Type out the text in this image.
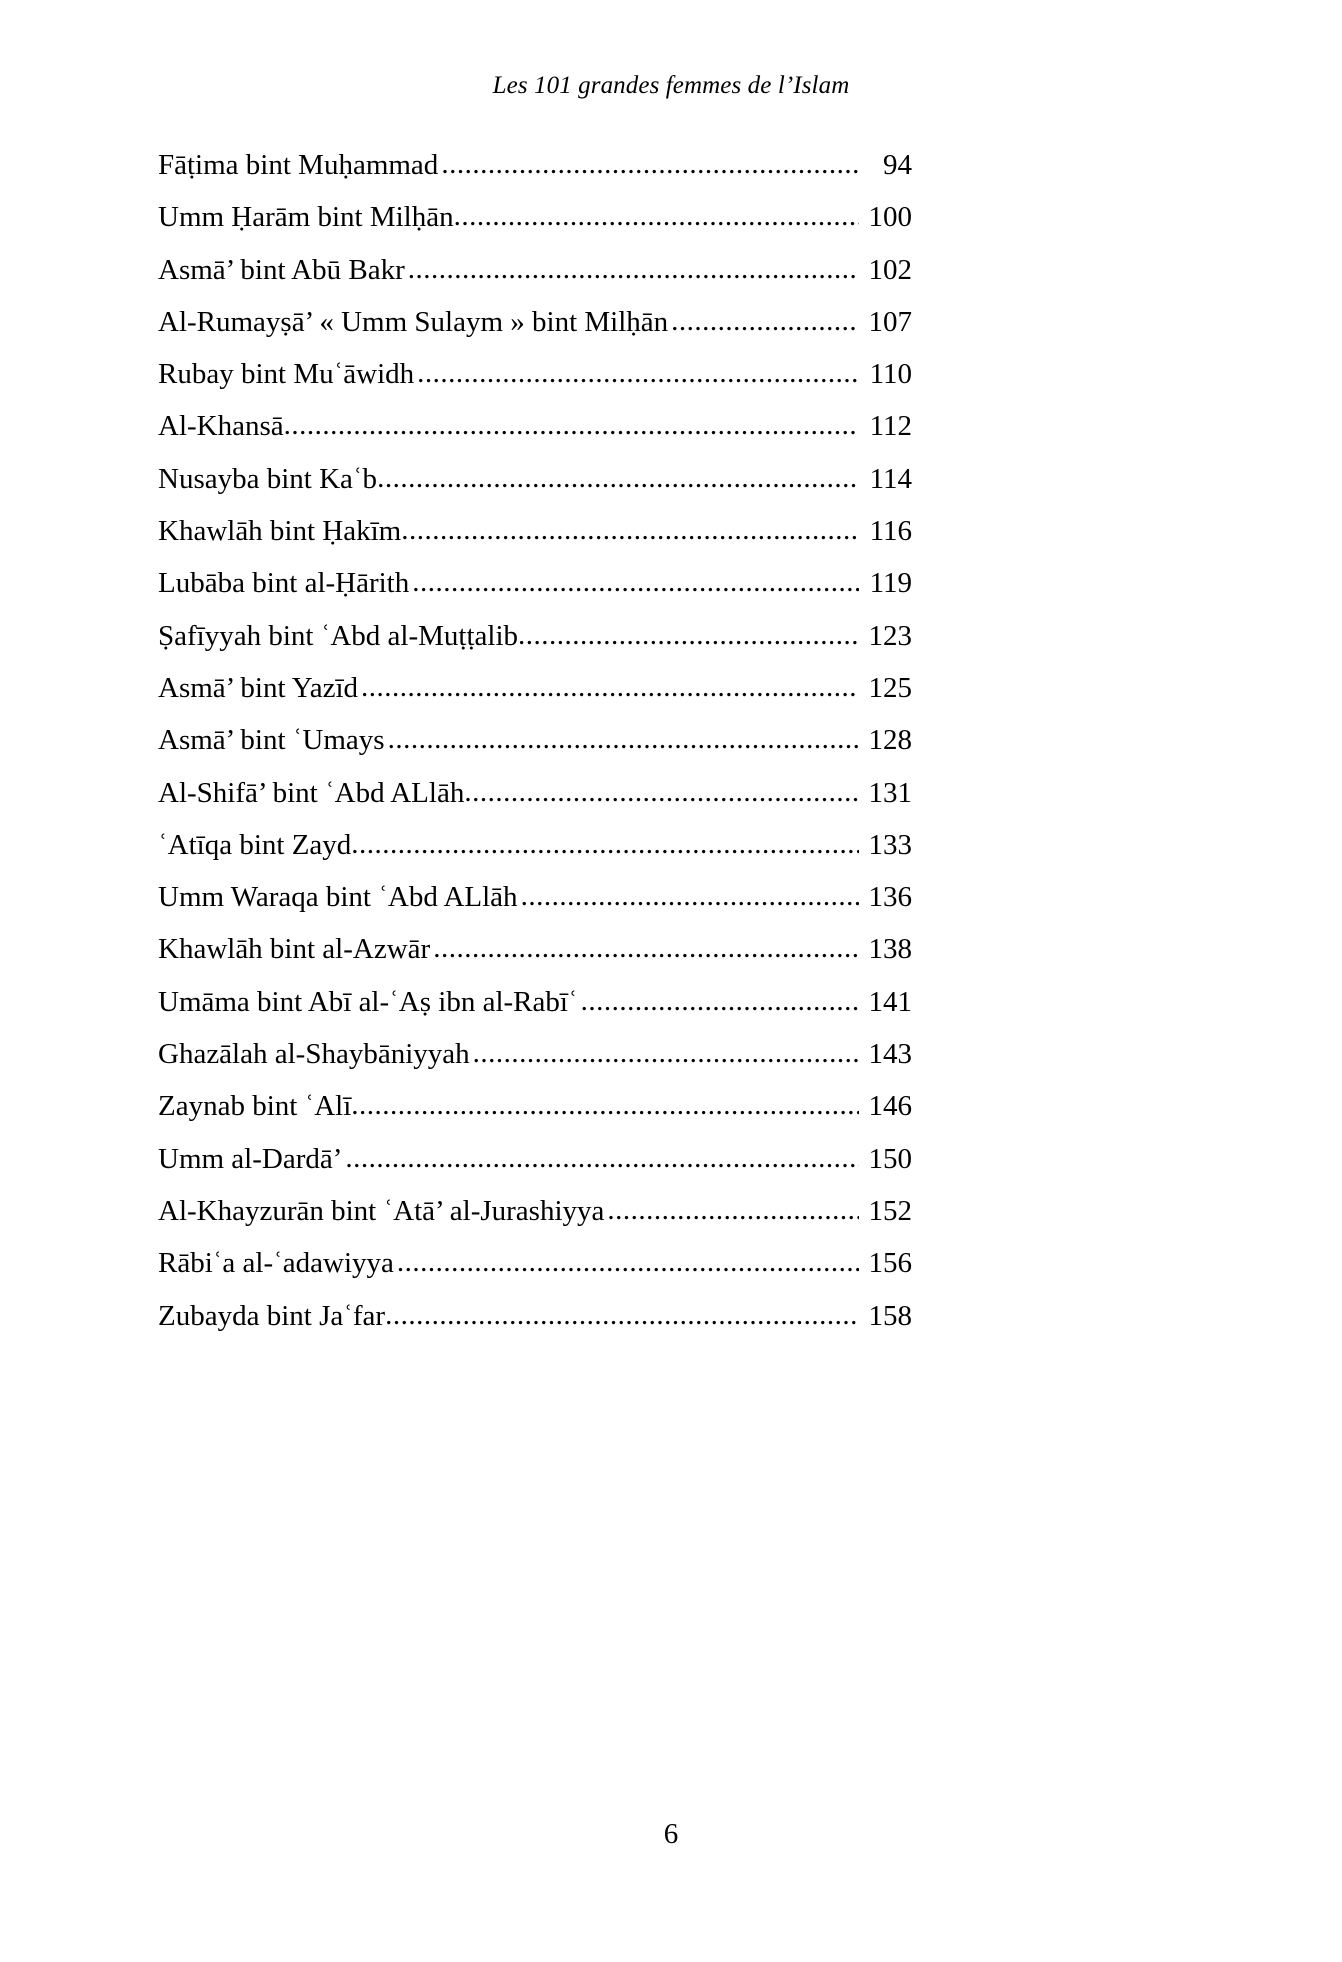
Les 101 grandes femmes de l’Islam
Fāṭima bint Muḥammad .....	94
Umm Ḥarām bint Milḥān .....	100
Asmā’ bint Abū Bakr .....	102
Al-Rumayṣā’ « Umm Sulaym » bint Milḥān .....	107
Rubay bint Muʿāwidh .....	110
Al-Khansā .....	112
Nusayba bint Kaʿb .....	114
Khawlāh bint Ḥakīm .....	116
Lubāba bint al-Ḥārith .....	119
Ṣafīyyah bint ʿAbd al-Muṭṭalib .....	123
Asmā’ bint Yazīd .....	125
Asmā’ bint ʿUmays .....	128
Al-Shifā’ bint ʿAbd ALlāh .....	131
ʿAtīqa bint Zayd .....	133
Umm Waraqa bint ʿAbd ALlāh .....	136
Khawlāh bint al-Azwār .....	138
Umāma bint Abī al-ʿAṣ ibn al-Rabīʿ .....	141
Ghazālah al-Shaybāniyyah .....	143
Zaynab bint ʿAlī .....	146
Umm al-Dardā’ .....	150
Al-Khayzurān bint ʿAtā’ al-Jurashiyya .....	152
Rābiʿa al-ʿadawiyya .....	156
Zubayda bint Jaʿfar .....	158
6
